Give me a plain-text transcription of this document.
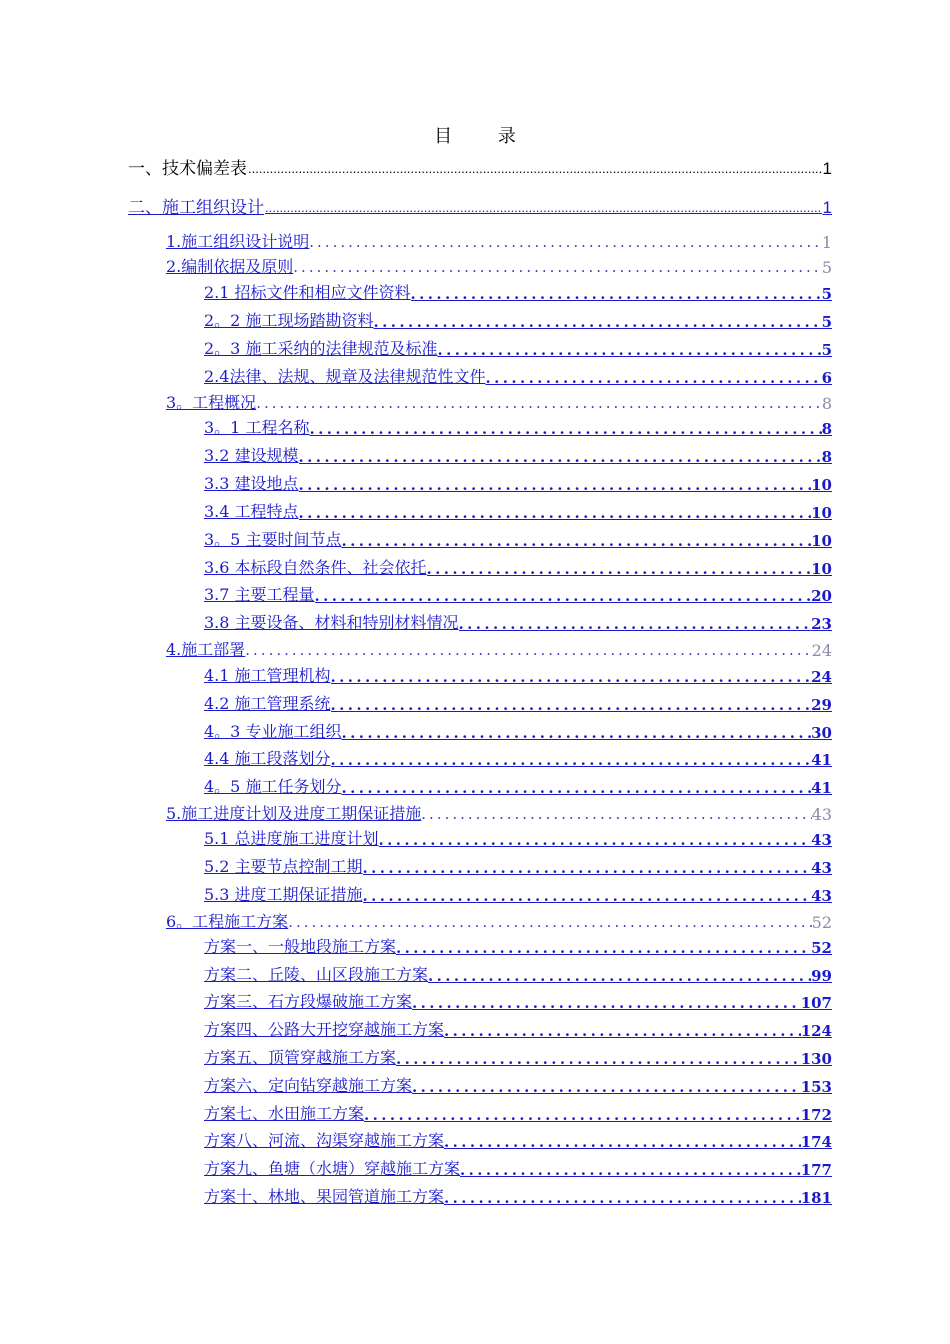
目 录
一、技术偏差表 .....	1
二、施工组织设计 .....	1
1.施工组织设计说明 .....	1
2.编制依据及原则 .....	5
2.1 招标文件和相应文件资料 .....	5
2。2 施工现场踏勘资料 .....	5
2。3 施工采纳的法律规范及标准 .....	5
2.4法律、法规、规章及法律规范性文件 .....	6
3。工程概况 .....	8
3。1 工程名称 .....	8
3.2 建设规模 .....	8
3.3 建设地点 .....	10
3.4 工程特点 .....	10
3。5 主要时间节点 .....	10
3.6 本标段自然条件、社会依托 .....	10
3.7 主要工程量 .....	20
3.8 主要设备、材料和特别材料情况 .....	23
4.施工部署 .....	24
4.1 施工管理机构 .....	24
4.2 施工管理系统 .....	29
4。3 专业施工组织 .....	30
4.4 施工段落划分 .....	41
4。5 施工任务划分 .....	41
5.施工进度计划及进度工期保证措施 .....	43
5.1 总进度施工进度计划 .....	43
5.2 主要节点控制工期 .....	43
5.3 进度工期保证措施 .....	43
6。工程施工方案 .....	52
方案一、一般地段施工方案 .....	52
方案二、丘陵、山区段施工方案 .....	99
方案三、石方段爆破施工方案 .....	107
方案四、公路大开挖穿越施工方案 .....	124
方案五、顶管穿越施工方案 .....	130
方案六、定向钻穿越施工方案 .....	153
方案七、水田施工方案 .....	172
方案八、河流、沟渠穿越施工方案 .....	174
方案九、鱼塘（水塘）穿越施工方案 .....	177
方案十、林地、果园管道施工方案 .....	181
